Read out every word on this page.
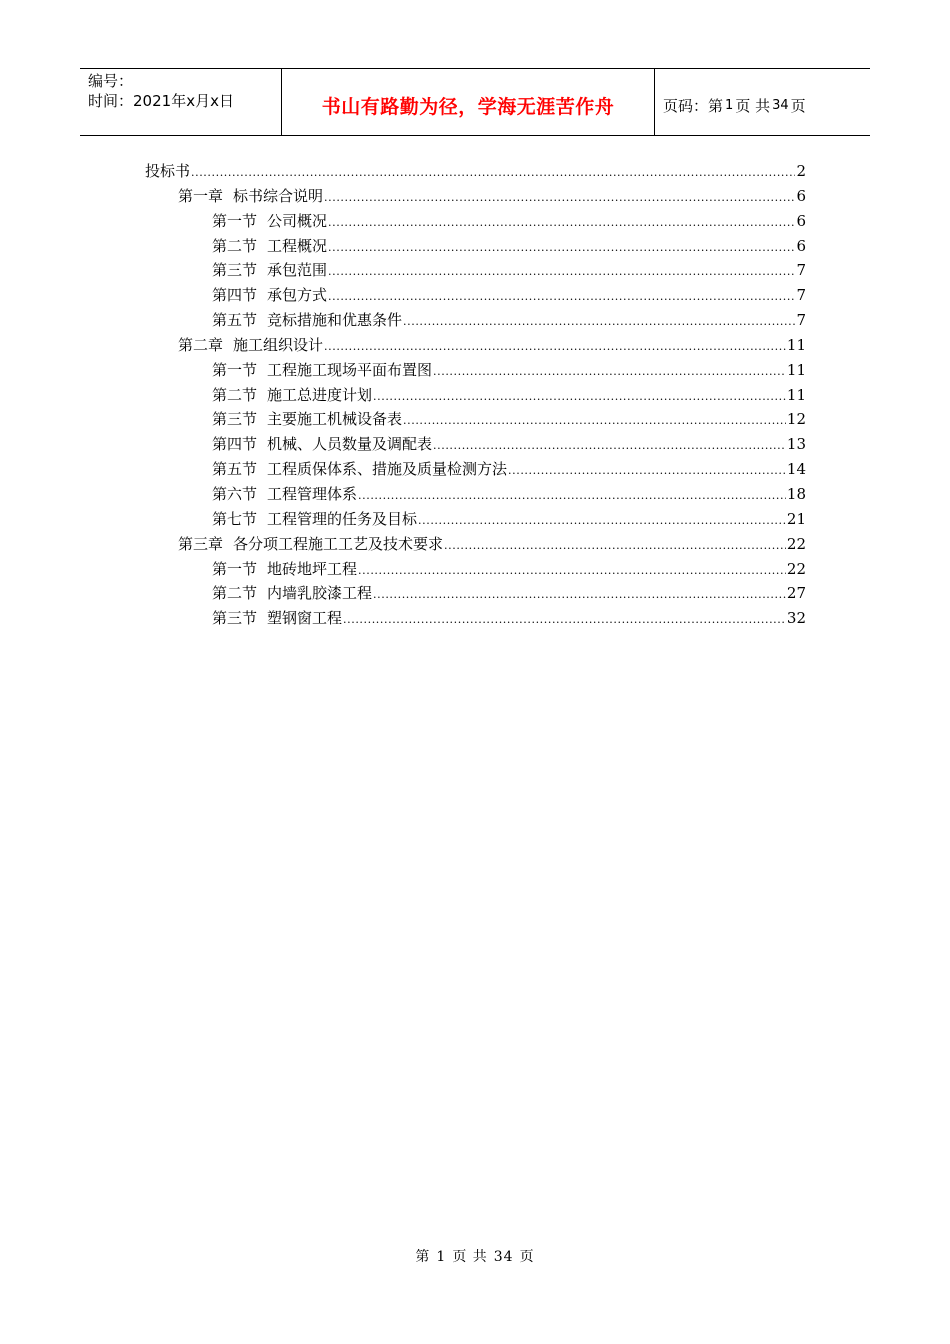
编号：
时间：2021年x月x日	书山有路勤为径，学海无涯苦作舟	页码： 第 1 页 共 34 页
投标书 .....	2
第一章 标书综合说明 .....	6
第一节 公司概况 .....	6
第二节 工程概况 .....	6
第三节 承包范围 .....	7
第四节 承包方式 .....	7
第五节 竞标措施和优惠条件 .....	7
第二章 施工组织设计 .....	11
第一节 工程施工现场平面布置图 .....	11
第二节 施工总进度计划 .....	11
第三节 主要施工机械设备表 .....	12
第四节 机械、人员数量及调配表 .....	13
第五节 工程质保体系、措施及质量检测方法 .....	14
第六节 工程管理体系 .....	18
第七节 工程管理的任务及目标 .....	21
第三章 各分项工程施工工艺及技术要求 .....	22
第一节 地砖地坪工程 .....	22
第二节 内墙乳胶漆工程 .....	27
第三节 塑钢窗工程 .....	32
第 1 页 共 34 页
